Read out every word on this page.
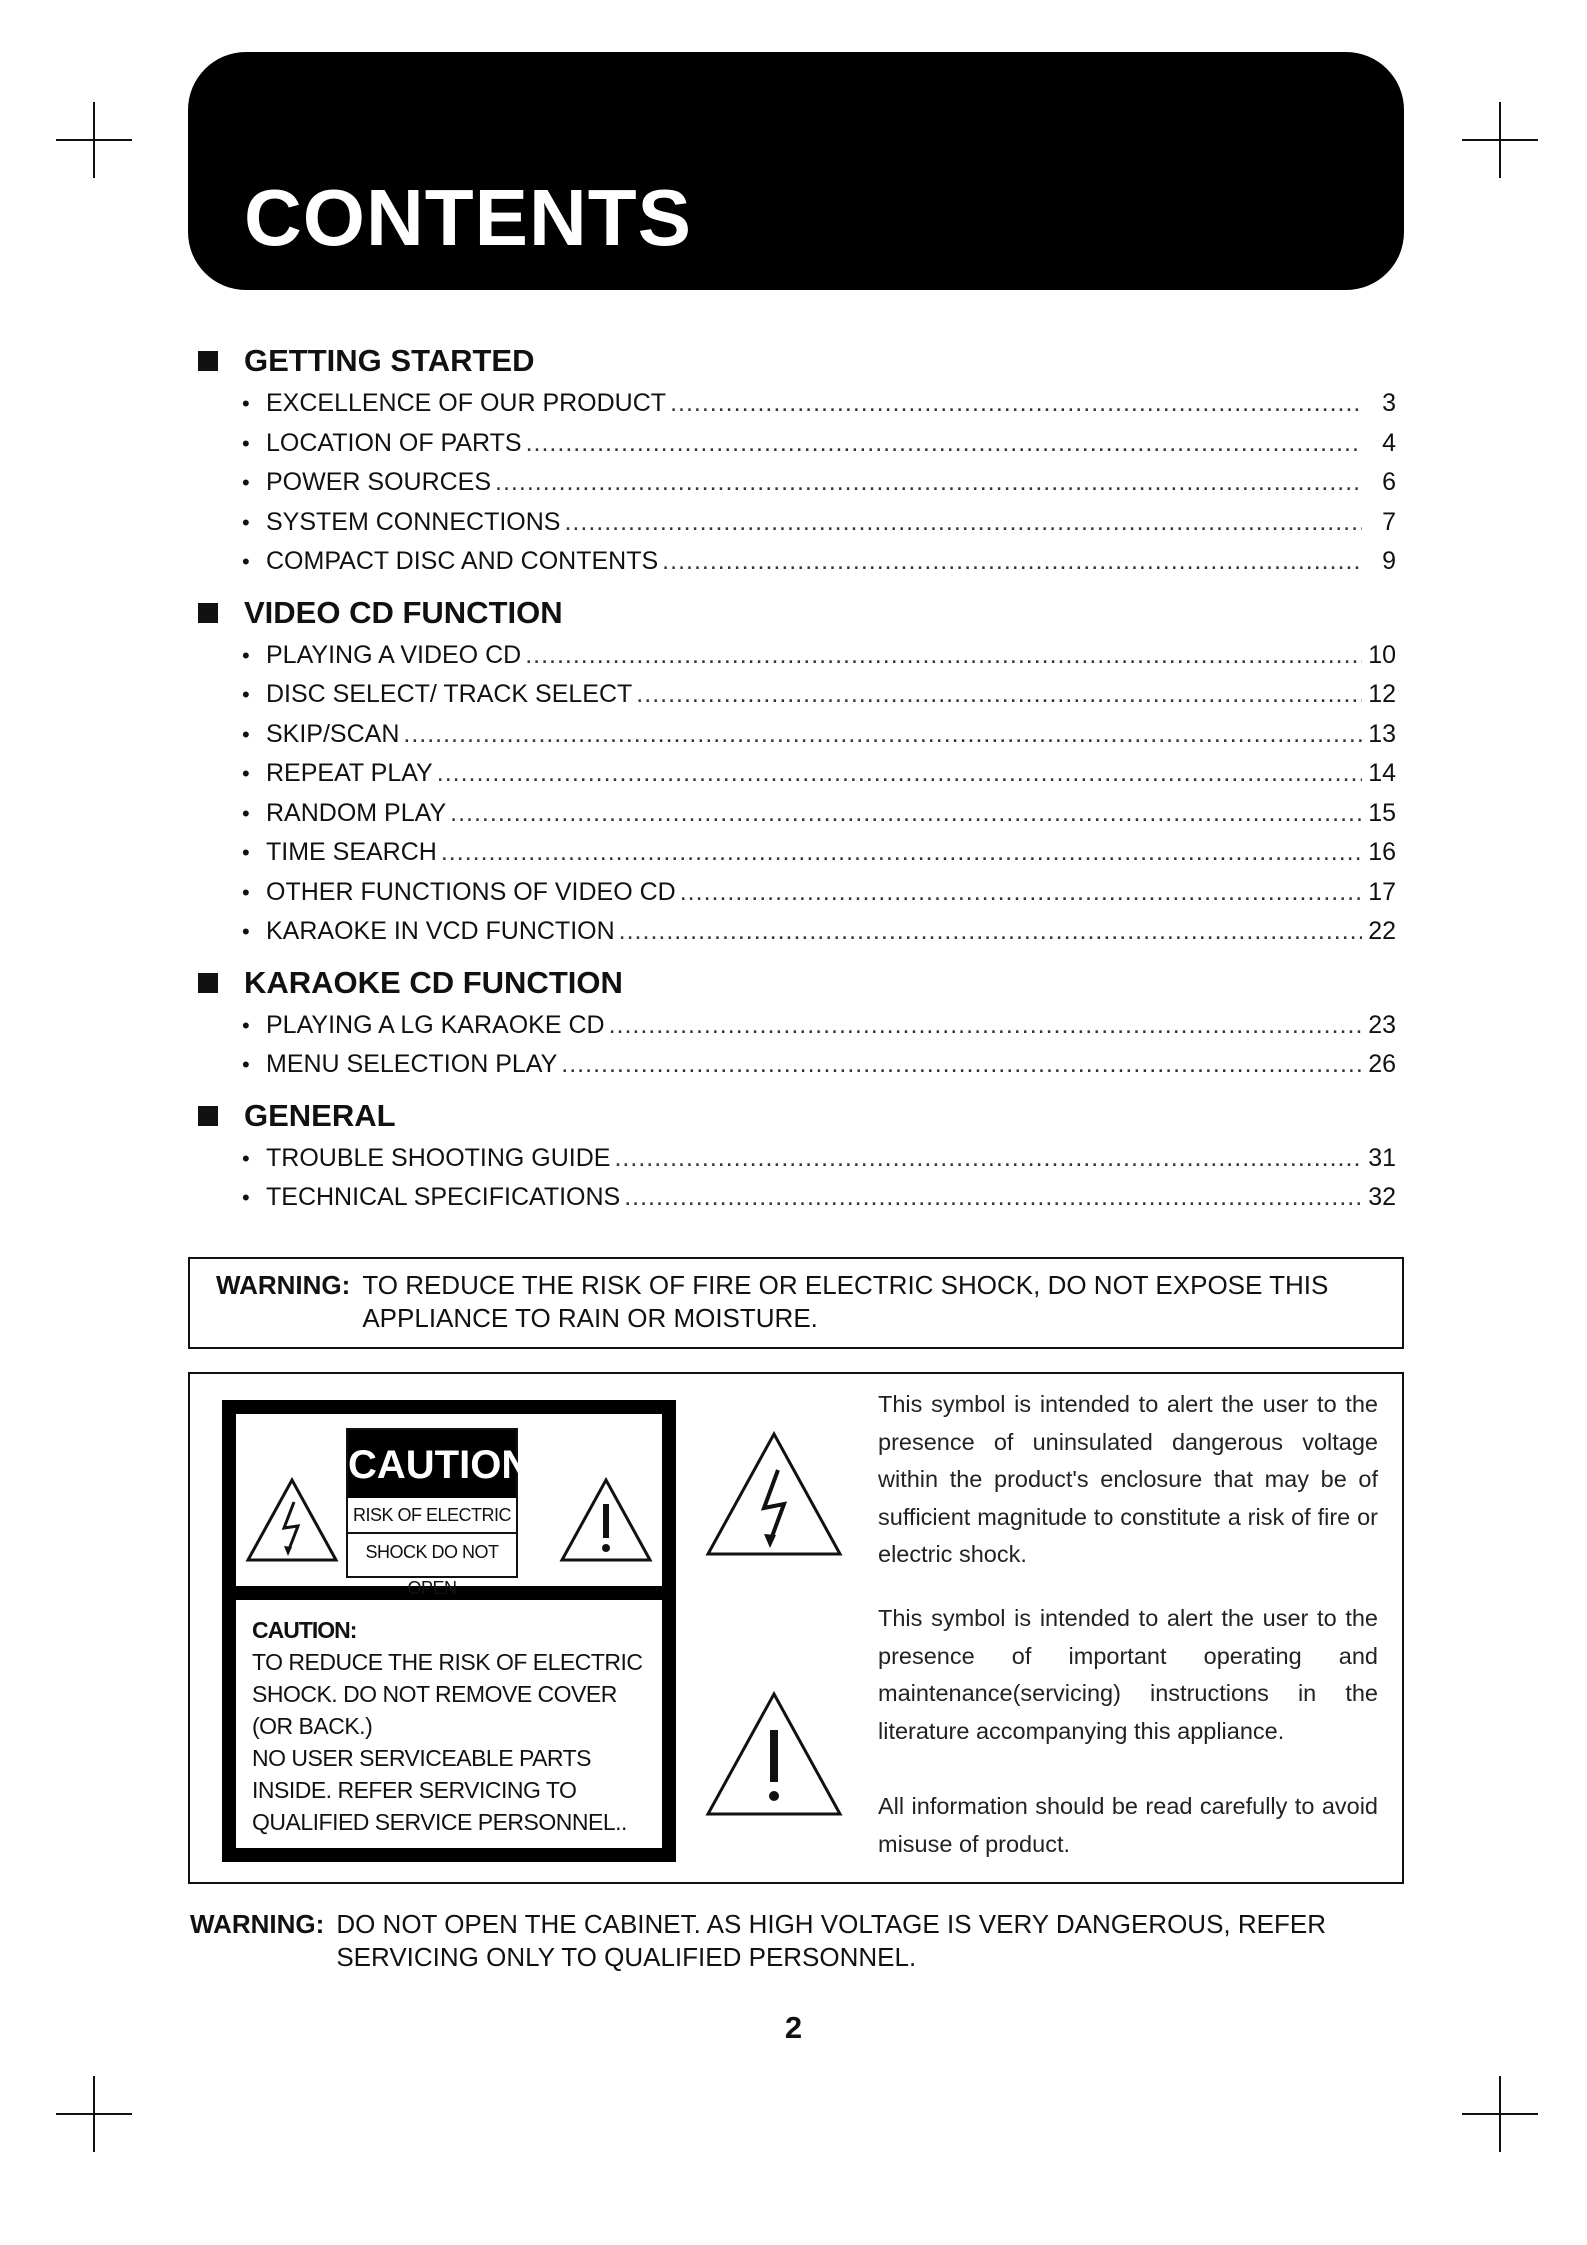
CONTENTS
GETTING STARTED
• EXCELLENCE OF OUR PRODUCT .....	3
• LOCATION OF PARTS .....	4
• POWER SOURCES .....	6
• SYSTEM CONNECTIONS .....	7
• COMPACT DISC AND CONTENTS .....	9
VIDEO CD FUNCTION
• PLAYING A VIDEO CD .....	10
• DISC SELECT/ TRACK SELECT .....	12
• SKIP/SCAN .....	13
• REPEAT PLAY .....	14
• RANDOM PLAY .....	15
• TIME SEARCH .....	16
• OTHER FUNCTIONS OF VIDEO CD .....	17
• KARAOKE IN VCD FUNCTION .....	22
KARAOKE CD FUNCTION
• PLAYING A LG KARAOKE CD .....	23
• MENU SELECTION PLAY .....	26
GENERAL
• TROUBLE SHOOTING GUIDE .....	31
• TECHNICAL SPECIFICATIONS .....	32
WARNING: TO REDUCE THE RISK OF FIRE OR ELECTRIC SHOCK, DO NOT EXPOSE THIS APPLIANCE TO RAIN OR MOISTURE.
CAUTION
RISK OF ELECTRIC
SHOCK DO NOT OPEN
CAUTION:
TO REDUCE THE RISK OF ELECTRIC
SHOCK. DO NOT REMOVE COVER
(OR BACK.)
NO USER SERVICEABLE PARTS
INSIDE. REFER SERVICING TO
QUALIFIED SERVICE PERSONNEL..
This symbol is intended to alert the user to the presence of uninsulated dangerous voltage within the product's enclosure that may be of sufficient magnitude to constitute a risk of fire or electric shock.
This symbol is intended to alert the user to the presence of important operating and maintenance(servicing) instructions in the literature accompanying this appliance.
All information should be read carefully to avoid misuse of product.
WARNING: DO NOT OPEN THE CABINET. AS HIGH VOLTAGE IS VERY DANGEROUS, REFER SERVICING ONLY TO QUALIFIED PERSONNEL.
2
